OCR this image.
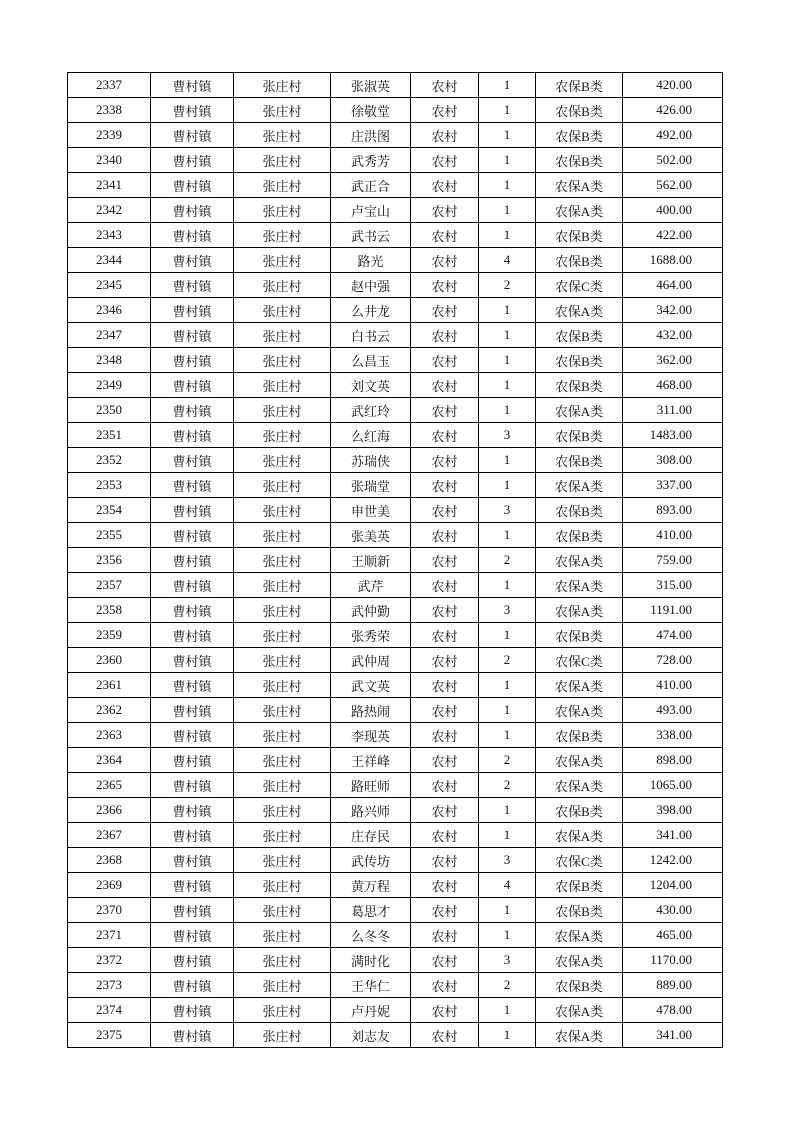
2337	曹村镇	张庄村	张淑英	农村	1	农保B类	420.00
2338	曹村镇	张庄村	徐敬堂	农村	1	农保B类	426.00
2339	曹村镇	张庄村	庄洪图	农村	1	农保B类	492.00
2340	曹村镇	张庄村	武秀芳	农村	1	农保B类	502.00
2341	曹村镇	张庄村	武正合	农村	1	农保A类	562.00
2342	曹村镇	张庄村	卢宝山	农村	1	农保A类	400.00
2343	曹村镇	张庄村	武书云	农村	1	农保B类	422.00
2344	曹村镇	张庄村	路光	农村	4	农保B类	1688.00
2345	曹村镇	张庄村	赵中强	农村	2	农保C类	464.00
2346	曹村镇	张庄村	么井龙	农村	1	农保A类	342.00
2347	曹村镇	张庄村	白书云	农村	1	农保B类	432.00
2348	曹村镇	张庄村	么昌玉	农村	1	农保B类	362.00
2349	曹村镇	张庄村	刘文英	农村	1	农保B类	468.00
2350	曹村镇	张庄村	武红玲	农村	1	农保A类	311.00
2351	曹村镇	张庄村	么红海	农村	3	农保B类	1483.00
2352	曹村镇	张庄村	苏瑞侠	农村	1	农保B类	308.00
2353	曹村镇	张庄村	张瑞堂	农村	1	农保A类	337.00
2354	曹村镇	张庄村	申世美	农村	3	农保B类	893.00
2355	曹村镇	张庄村	张美英	农村	1	农保B类	410.00
2356	曹村镇	张庄村	王顺新	农村	2	农保A类	759.00
2357	曹村镇	张庄村	武芹	农村	1	农保A类	315.00
2358	曹村镇	张庄村	武仲勤	农村	3	农保A类	1191.00
2359	曹村镇	张庄村	张秀荣	农村	1	农保B类	474.00
2360	曹村镇	张庄村	武仲周	农村	2	农保C类	728.00
2361	曹村镇	张庄村	武文英	农村	1	农保A类	410.00
2362	曹村镇	张庄村	路热闹	农村	1	农保A类	493.00
2363	曹村镇	张庄村	李现英	农村	1	农保B类	338.00
2364	曹村镇	张庄村	王祥峰	农村	2	农保A类	898.00
2365	曹村镇	张庄村	路旺师	农村	2	农保A类	1065.00
2366	曹村镇	张庄村	路兴师	农村	1	农保B类	398.00
2367	曹村镇	张庄村	庄存民	农村	1	农保A类	341.00
2368	曹村镇	张庄村	武传坊	农村	3	农保C类	1242.00
2369	曹村镇	张庄村	黄万程	农村	4	农保B类	1204.00
2370	曹村镇	张庄村	葛思才	农村	1	农保B类	430.00
2371	曹村镇	张庄村	么冬冬	农村	1	农保A类	465.00
2372	曹村镇	张庄村	满时化	农村	3	农保A类	1170.00
2373	曹村镇	张庄村	王华仁	农村	2	农保B类	889.00
2374	曹村镇	张庄村	卢丹妮	农村	1	农保A类	478.00
2375	曹村镇	张庄村	刘志友	农村	1	农保A类	341.00
